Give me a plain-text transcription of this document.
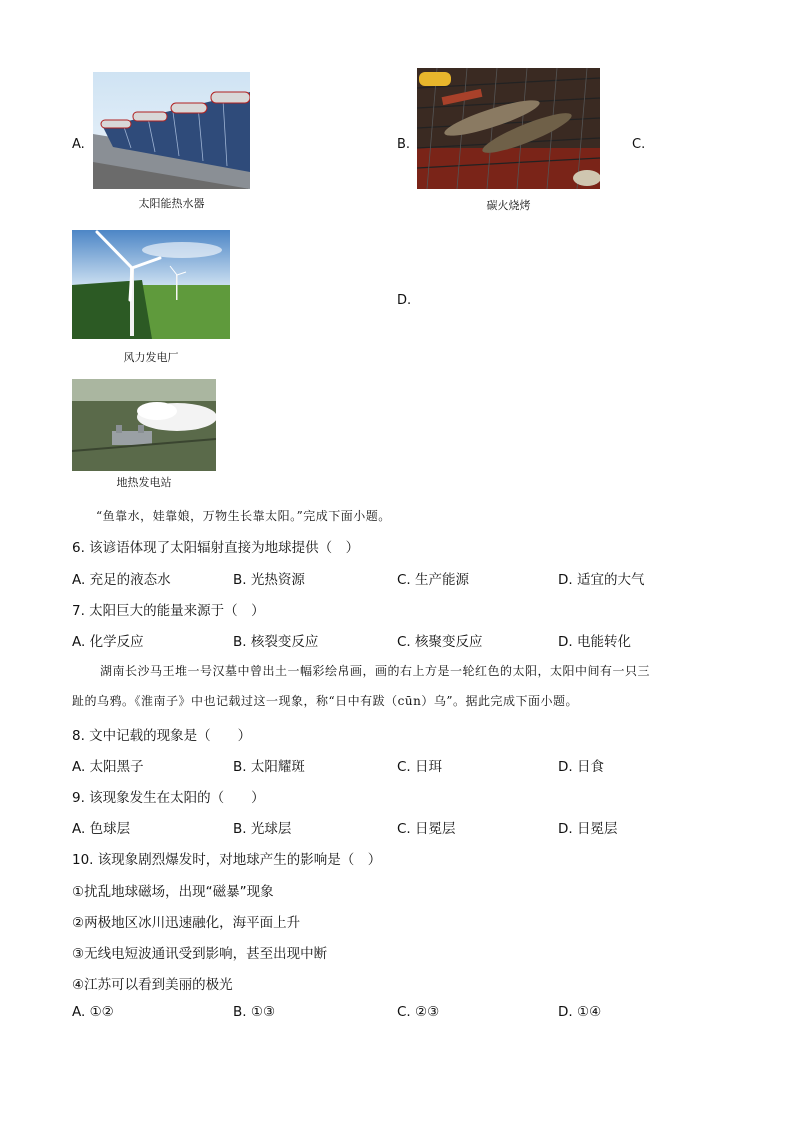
A.
太阳能热水器
B.
碳火烧烤
C.
风力发电厂
D.
地热发电站
“鱼靠水，娃靠娘，万物生长靠太阳。”完成下面小题。
6. 该谚语体现了太阳辐射直接为地球提供（　）
A. 充足的液态水	B. 光热资源	C. 生产能源	D. 适宜的大气
7. 太阳巨大的能量来源于（　）
A. 化学反应	B. 核裂变反应	C. 核聚变反应	D. 电能转化
湖南长沙马王堆一号汉墓中曾出土一幅彩绘帛画，画的右上方是一轮红色的太阳，太阳中间有一只三
趾的乌鸦。《淮南子》中也记载过这一现象，称“日中有跋（cūn）乌”。据此完成下面小题。
8. 文中记载的现象是（　　）
A. 太阳黑子	B. 太阳耀斑	C. 日珥	D. 日食
9. 该现象发生在太阳的（　　）
A. 色球层	B. 光球层	C. 日冕层	D. 日冕层
10. 该现象剧烈爆发时，对地球产生的影响是（　）
①扰乱地球磁场，出现“磁暴”现象
②两极地区冰川迅速融化，海平面上升
③无线电短波通讯受到影响，甚至出现中断
④江苏可以看到美丽的极光
A. ①②	B. ①③	C. ②③	D. ①④
